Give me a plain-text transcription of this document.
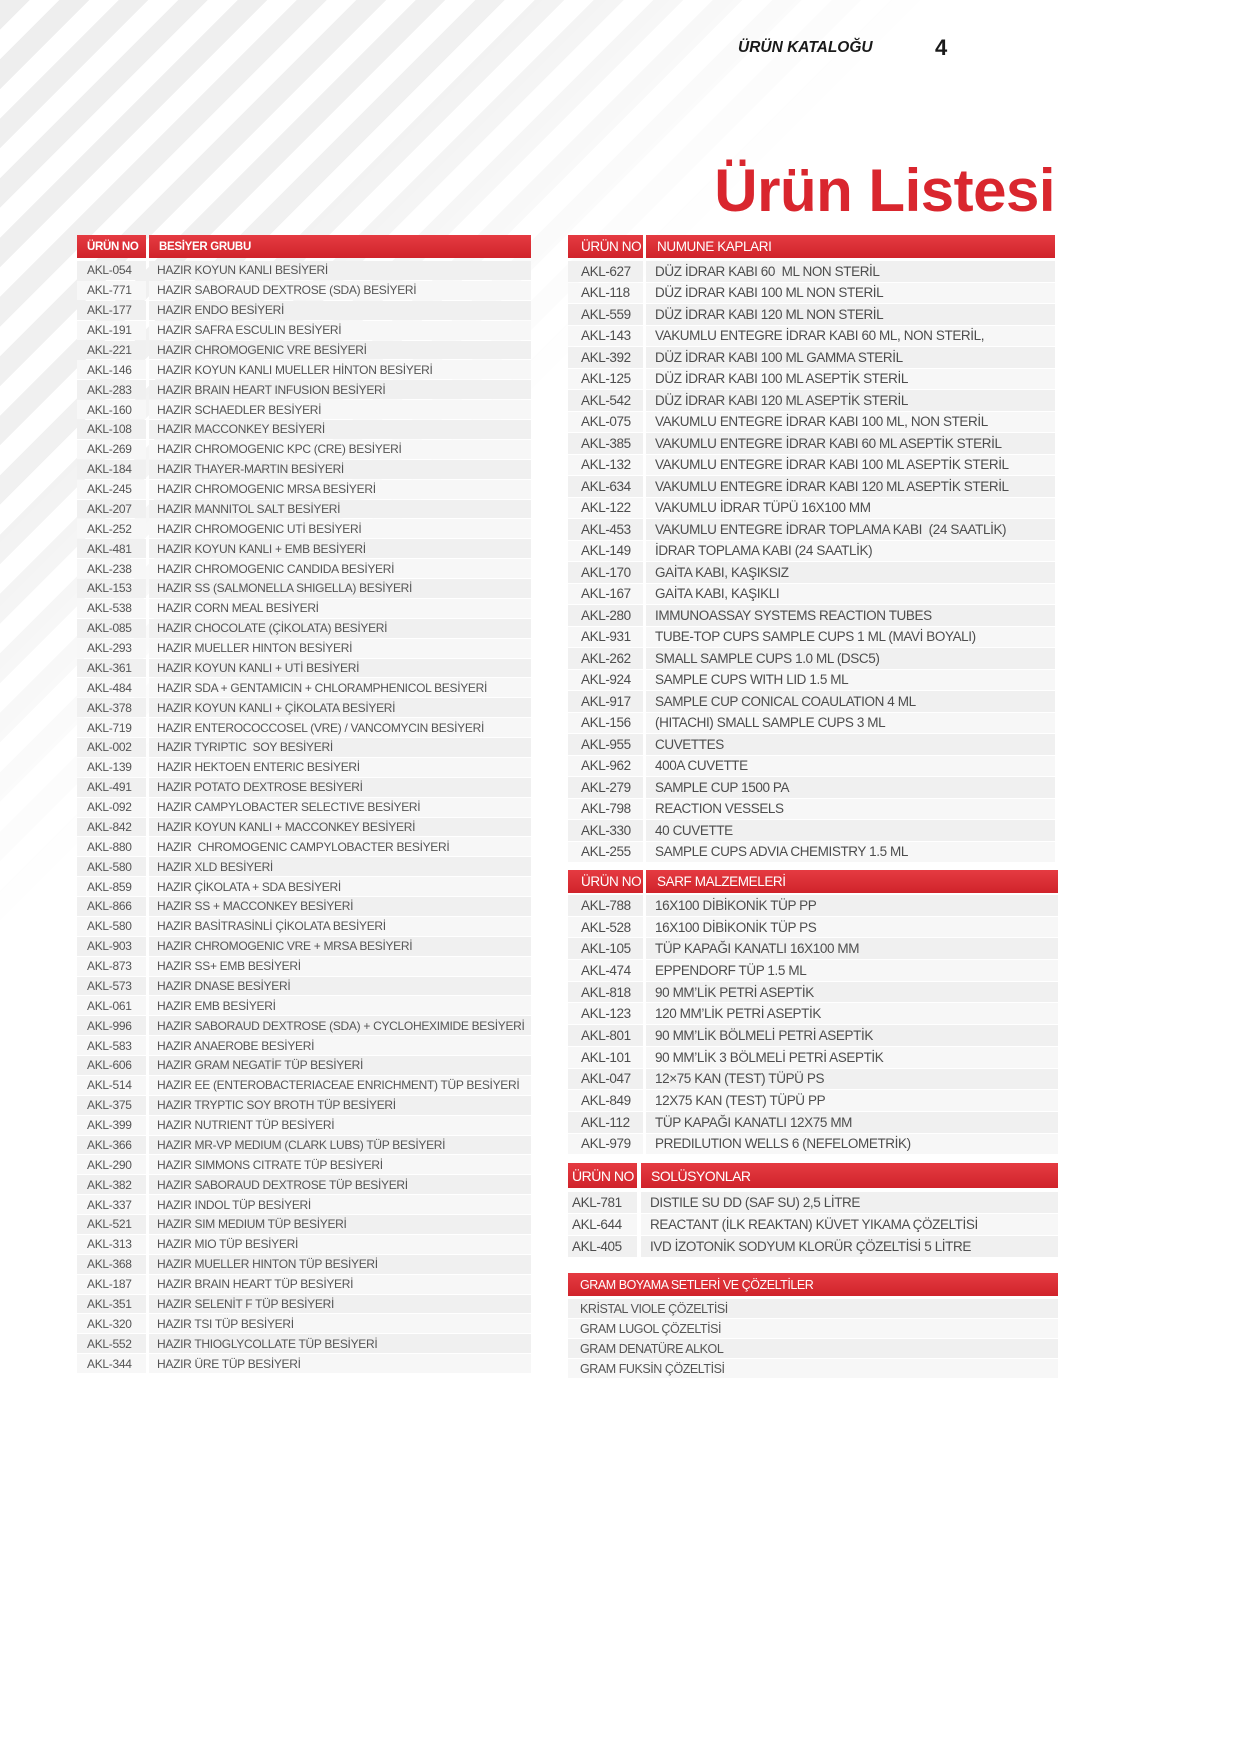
ÜRÜN KATALOĞU	4
Ürün Listesi
ÜRÜN NO	BESİYER GRUBU
AKL-054	HAZIR KOYUN KANLI BESİYERİ
AKL-771	HAZIR SABORAUD DEXTROSE (SDA) BESİYERİ
AKL-177	HAZIR ENDO BESİYERİ
AKL-191	HAZIR SAFRA ESCULIN BESİYERİ
AKL-221	HAZIR CHROMOGENIC VRE BESİYERİ
AKL-146	HAZIR KOYUN KANLI MUELLER HİNTON BESİYERİ
AKL-283	HAZIR BRAIN HEART INFUSION BESİYERİ
AKL-160	HAZIR SCHAEDLER BESİYERİ
AKL-108	HAZIR MACCONKEY BESİYERİ
AKL-269	HAZIR CHROMOGENIC KPC (CRE) BESİYERİ
AKL-184	HAZIR THAYER-MARTIN BESİYERİ
AKL-245	HAZIR CHROMOGENIC MRSA BESİYERİ
AKL-207	HAZIR MANNITOL SALT BESİYERİ
AKL-252	HAZIR CHROMOGENIC UTİ BESİYERİ
AKL-481	HAZIR KOYUN KANLI + EMB BESİYERİ
AKL-238	HAZIR CHROMOGENIC CANDIDA BESİYERİ
AKL-153	HAZIR SS (SALMONELLA SHIGELLA) BESİYERİ
AKL-538	HAZIR CORN MEAL BESİYERİ
AKL-085	HAZIR CHOCOLATE (ÇİKOLATA) BESİYERİ
AKL-293	HAZIR MUELLER HINTON BESİYERİ
AKL-361	HAZIR KOYUN KANLI + UTİ BESİYERİ
AKL-484	HAZIR SDA + GENTAMICIN + CHLORAMPHENICOL BESİYERİ
AKL-378	HAZIR KOYUN KANLI + ÇİKOLATA BESİYERİ
AKL-719	HAZIR ENTEROCOCCOSEL (VRE) / VANCOMYCIN BESİYERİ
AKL-002	HAZIR TYRIPTIC  SOY BESİYERİ
AKL-139	HAZIR HEKTOEN ENTERIC BESİYERİ
AKL-491	HAZIR POTATO DEXTROSE BESİYERİ
AKL-092	HAZIR CAMPYLOBACTER SELECTIVE BESİYERİ
AKL-842	HAZIR KOYUN KANLI + MACCONKEY BESİYERİ
AKL-880	HAZIR  CHROMOGENIC CAMPYLOBACTER BESİYERİ
AKL-580	HAZIR XLD BESİYERİ
AKL-859	HAZIR ÇİKOLATA + SDA BESİYERİ
AKL-866	HAZIR SS + MACCONKEY BESİYERİ
AKL-580	HAZIR BASİTRASİNLİ ÇİKOLATA BESİYERİ
AKL-903	HAZIR CHROMOGENIC VRE + MRSA BESİYERİ
AKL-873	HAZIR SS+ EMB BESİYERİ
AKL-573	HAZIR DNASE BESİYERİ
AKL-061	HAZIR EMB BESİYERİ
AKL-996	HAZIR SABORAUD DEXTROSE (SDA) + CYCLOHEXIMIDE BESİYERİ
AKL-583	HAZIR ANAEROBE BESİYERİ
AKL-606	HAZIR GRAM NEGATİF TÜP BESİYERİ
AKL-514	HAZIR EE (ENTEROBACTERIACEAE ENRICHMENT) TÜP BESİYERİ
AKL-375	HAZIR TRYPTIC SOY BROTH TÜP BESİYERİ
AKL-399	HAZIR NUTRIENT TÜP BESİYERİ
AKL-366	HAZIR MR-VP MEDIUM (CLARK LUBS) TÜP BESİYERİ
AKL-290	HAZIR SIMMONS CITRATE TÜP BESİYERİ
AKL-382	HAZIR SABORAUD DEXTROSE TÜP BESİYERİ
AKL-337	HAZIR INDOL TÜP BESİYERİ
AKL-521	HAZIR SIM MEDIUM TÜP BESİYERİ
AKL-313	HAZIR MIO TÜP BESİYERİ
AKL-368	HAZIR MUELLER HINTON TÜP BESİYERİ
AKL-187	HAZIR BRAIN HEART TÜP BESİYERİ
AKL-351	HAZIR SELENİT F TÜP BESİYERİ
AKL-320	HAZIR TSI TÜP BESİYERİ
AKL-552	HAZIR THIOGLYCOLLATE TÜP BESİYERİ
AKL-344	HAZIR ÜRE TÜP BESİYERİ
ÜRÜN NO	NUMUNE KAPLARI
AKL-627	DÜZ İDRAR KABI 60  ML NON STERİL
AKL-118	DÜZ İDRAR KABI 100 ML NON STERİL
AKL-559	DÜZ İDRAR KABI 120 ML NON STERİL
AKL-143	VAKUMLU ENTEGRE İDRAR KABI 60 ML, NON STERİL,
AKL-392	DÜZ İDRAR KABI 100 ML GAMMA STERİL
AKL-125	DÜZ İDRAR KABI 100 ML ASEPTİK STERİL
AKL-542	DÜZ İDRAR KABI 120 ML ASEPTİK STERİL
AKL-075	VAKUMLU ENTEGRE İDRAR KABI 100 ML, NON STERİL
AKL-385	VAKUMLU ENTEGRE İDRAR KABI 60 ML ASEPTİK STERİL
AKL-132	VAKUMLU ENTEGRE İDRAR KABI 100 ML ASEPTİK STERİL
AKL-634	VAKUMLU ENTEGRE İDRAR KABI 120 ML ASEPTİK STERİL
AKL-122	VAKUMLU İDRAR TÜPÜ 16X100 MM
AKL-453	VAKUMLU ENTEGRE İDRAR TOPLAMA KABI  (24 SAATLİK)
AKL-149	İDRAR TOPLAMA KABI (24 SAATLİK)
AKL-170	GAİTA KABI, KAŞIKSIZ
AKL-167	GAİTA KABI, KAŞIKLI
AKL-280	IMMUNOASSAY SYSTEMS REACTION TUBES
AKL-931	TUBE-TOP CUPS SAMPLE CUPS 1 ML (MAVİ BOYALI)
AKL-262	SMALL SAMPLE CUPS 1.0 ML (DSC5)
AKL-924	SAMPLE CUPS WITH LID 1.5 ML
AKL-917	SAMPLE CUP CONICAL COAULATION 4 ML
AKL-156	(HITACHI) SMALL SAMPLE CUPS 3 ML
AKL-955	CUVETTES
AKL-962	400A CUVETTE
AKL-279	SAMPLE CUP 1500 PA
AKL-798	REACTION VESSELS
AKL-330	40 CUVETTE
AKL-255	SAMPLE CUPS ADVIA CHEMISTRY 1.5 ML
ÜRÜN NO	SARF MALZEMELERİ
AKL-788	16X100 DİBİKONİK TÜP PP
AKL-528	16X100 DİBİKONİK TÜP PS
AKL-105	TÜP KAPAĞI KANATLI 16X100 MM
AKL-474	EPPENDORF TÜP 1.5 ML
AKL-818	90 MM’LİK PETRİ ASEPTİK
AKL-123	120 MM’LİK PETRİ ASEPTİK
AKL-801	90 MM’LİK BÖLMELİ PETRİ ASEPTİK
AKL-101	90 MM’LİK 3 BÖLMELİ PETRİ ASEPTİK
AKL-047	12×75 KAN (TEST) TÜPÜ PS
AKL-849	12X75 KAN (TEST) TÜPÜ PP
AKL-112	TÜP KAPAĞI KANATLI 12X75 MM
AKL-979	PREDILUTION WELLS 6 (NEFELOMETRİK)
ÜRÜN NO	SOLÜSYONLAR
AKL-781	DISTILE SU DD (SAF SU) 2,5 LİTRE
AKL-644	REACTANT (İLK REAKTAN) KÜVET YIKAMA ÇÖZELTİSİ
AKL-405	IVD İZOTONİK SODYUM KLORÜR ÇÖZELTİSİ 5 LİTRE
GRAM BOYAMA SETLERİ VE ÇÖZELTİLER
KRİSTAL VIOLE ÇÖZELTİSİ
GRAM LUGOL ÇÖZELTİSİ
GRAM DENATÜRE ALKOL
GRAM FUKSİN ÇÖZELTİSİ
